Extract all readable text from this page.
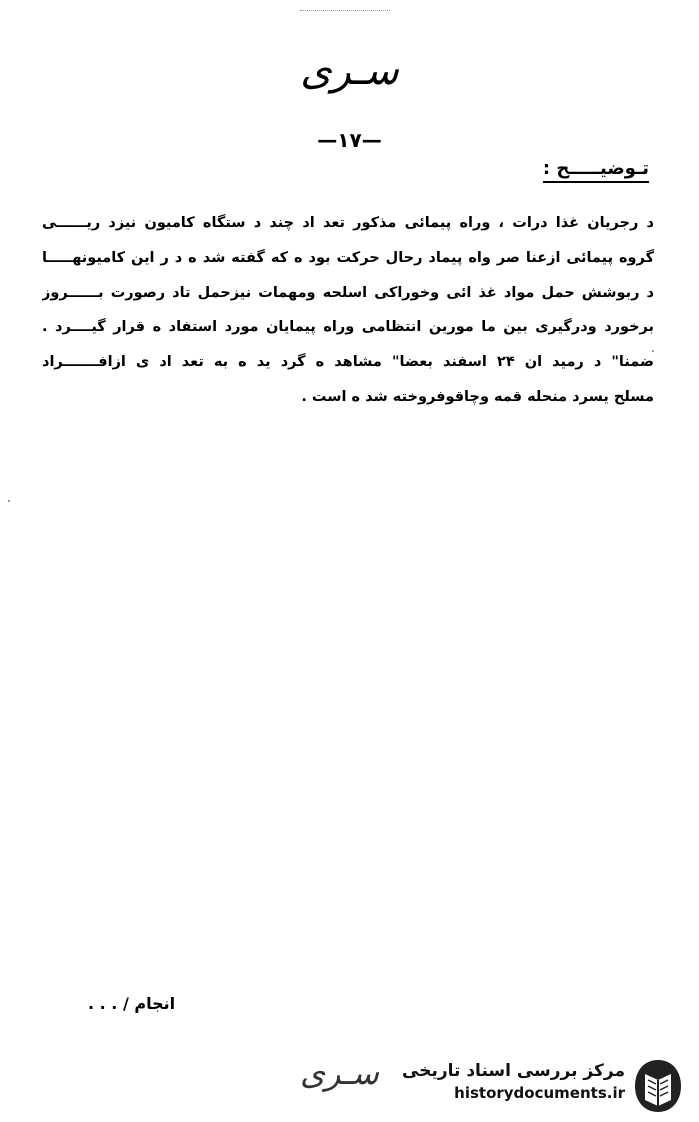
سـری
—۱۷—
تـوضیـــــح :
د رجریان غذا درات ، وراه پیمائی مذکور تعد اد چند د ستگاه کامیون نیزد ریــــــی
گروه پیمائی ازعنا صر واه پیماد رحال حرکت بود ه که گفته شد ه د ر این کامیونهـــــا
د ربوشش حمل مواد غذ ائی وخوراکی اسلحه ومهمات نیزحمل تاد رصورت بــــــروز
برخورد ودرگیری بین ما مورین انتظامی وراه پیمایان مورد استفاد ه قرار گیــــرد .
ضمنا" د رمید ان ۲۴ اسفند بعضا" مشاهد ه گرد ید ه به تعد اد ی ازافـــــــراد
مسلح یسرد منحله قمه وچاقوفروخته شد ه است .
انجام / . . .
سـری مرکز بررسی اسناد تاریخی
historydocuments.ir
